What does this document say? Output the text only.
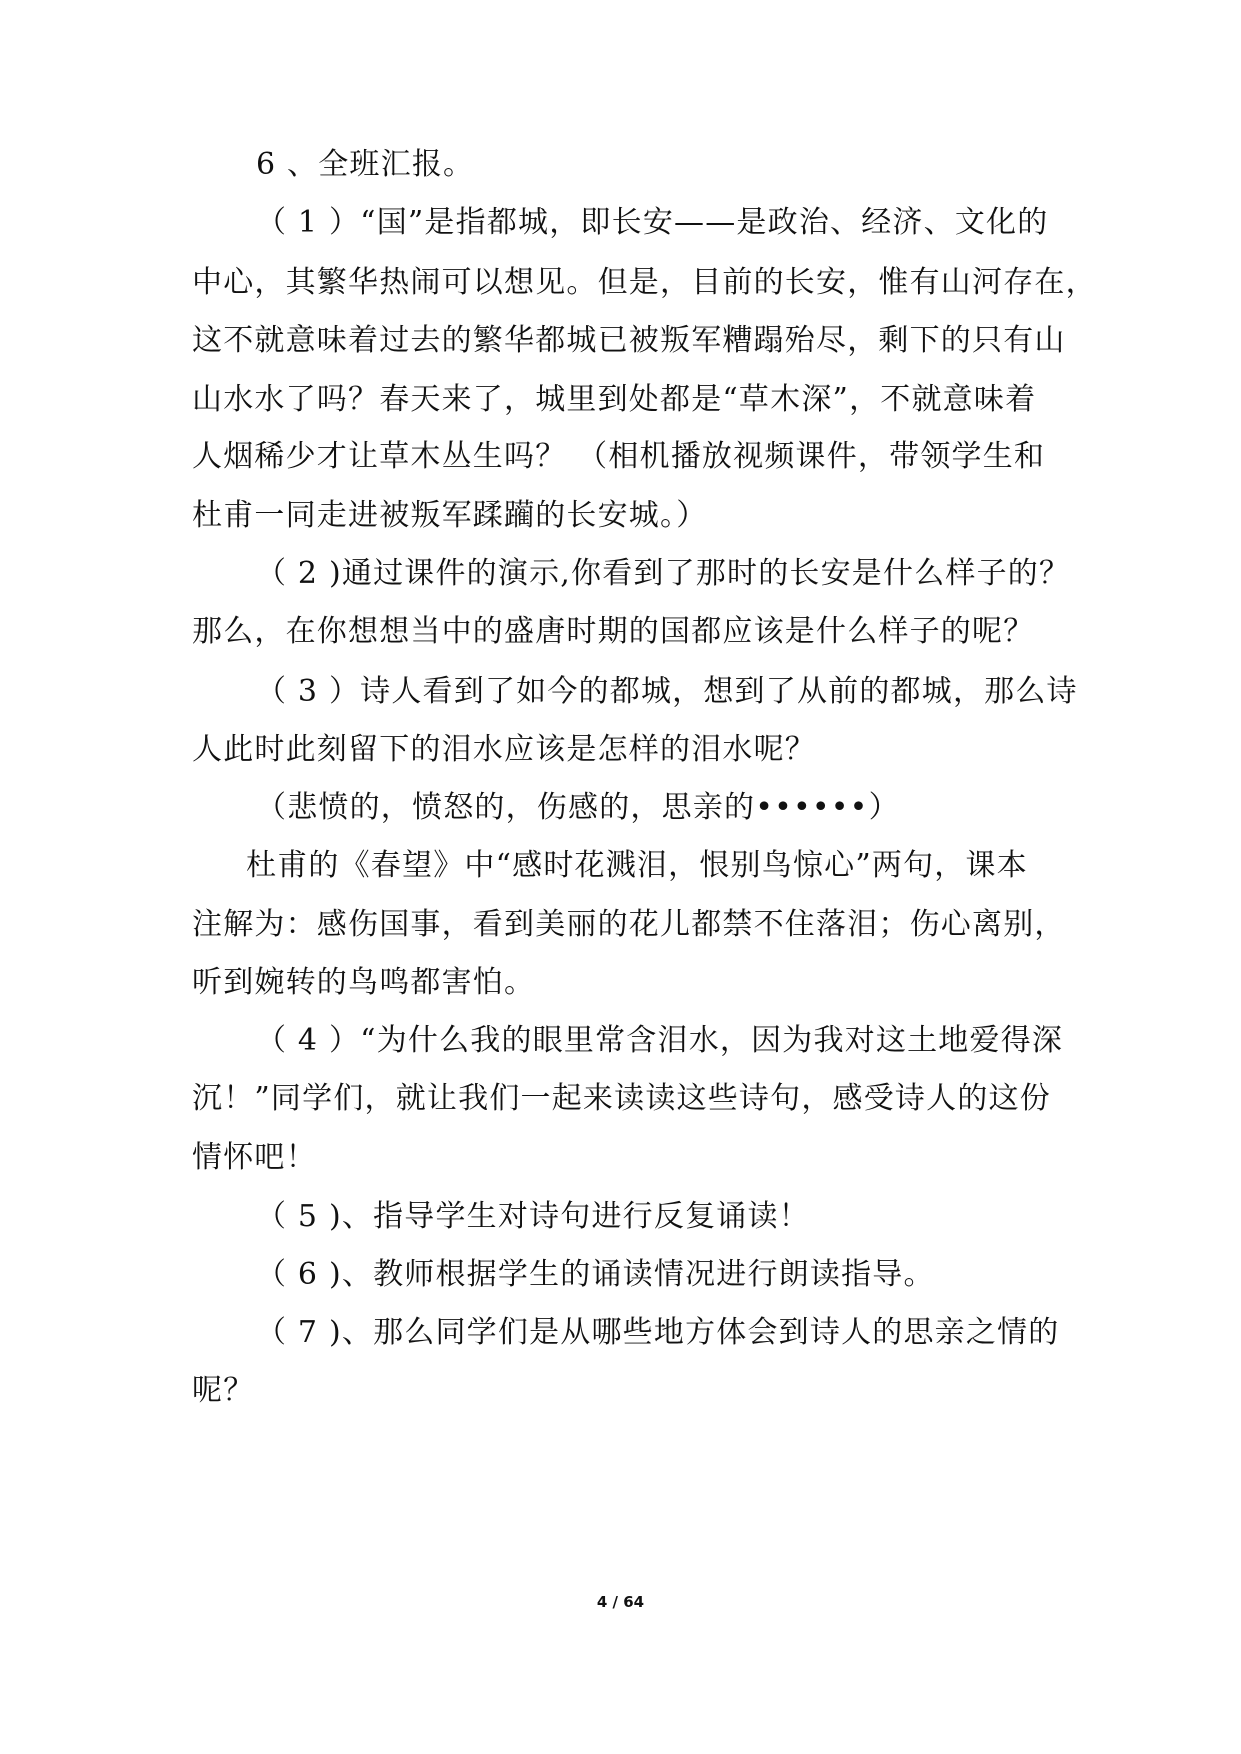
6 、全班汇报。
（ 1 ）“国”是指都城，即长安——是政治、经济、文化的
中心，其繁华热闹可以想见。但是，目前的长安，惟有山河存在，
这不就意味着过去的繁华都城已被叛军糟蹋殆尽，剩下的只有山
山水水了吗？春天来了，城里到处都是“草木深”，不就意味着
人烟稀少才让草木丛生吗？ （相机播放视频课件，带领学生和
杜甫一同走进被叛军蹂躏的长安城。）
（ 2 )通过课件的演示,你看到了那时的长安是什么样子的？
那么，在你想想当中的盛唐时期的国都应该是什么样子的呢？
（ 3 ）诗人看到了如今的都城，想到了从前的都城，那么诗
人此时此刻留下的泪水应该是怎样的泪水呢？
（悲愤的，愤怒的，伤感的，思亲的••••••）
杜甫的《春望》中“感时花溅泪，恨别鸟惊心”两句，课本
注解为：感伤国事，看到美丽的花儿都禁不住落泪；伤心离别，
听到婉转的鸟鸣都害怕。
（ 4 ）“为什么我的眼里常含泪水，因为我对这土地爱得深
沉！”同学们，就让我们一起来读读这些诗句，感受诗人的这份
情怀吧！
（ 5 )、指导学生对诗句进行反复诵读！
（ 6 )、教师根据学生的诵读情况进行朗读指导。
（ 7 )、那么同学们是从哪些地方体会到诗人的思亲之情的
呢？
4 / 64
